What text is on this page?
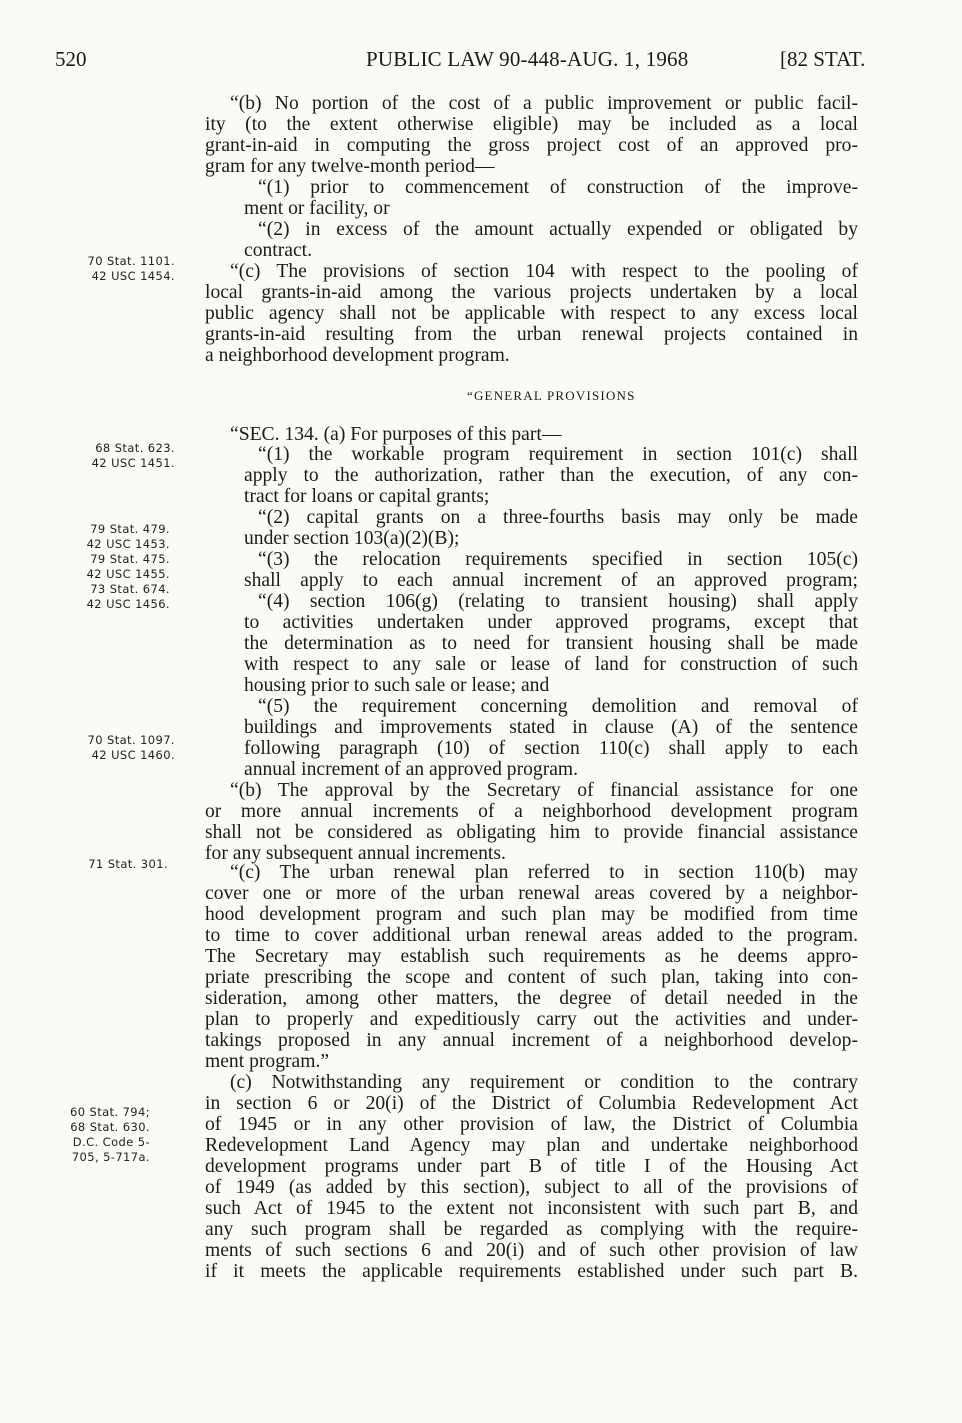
520	PUBLIC LAW 90-448-AUG. 1, 1968	[82 STAT.
70 Stat. 1101.
42 USC 1454.
68 Stat. 623.
42 USC 1451.
79 Stat. 479.
42 USC 1453.
79 Stat. 475.
42 USC 1455.
73 Stat. 674.
42 USC 1456.
70 Stat. 1097.
42 USC 1460.
71 Stat. 301.
60 Stat. 794;
68 Stat. 630.
D.C. Code 5-
705, 5-717a.
“(b) No portion of the cost of a public improvement or public facil-
ity (to the extent otherwise eligible) may be included as a local
grant-in-aid in computing the gross project cost of an approved pro-
gram for any twelve-month period—
“(1) prior to commencement of construction of the improve-
ment or facility, or
“(2) in excess of the amount actually expended or obligated by
contract.
“(c) The provisions of section 104 with respect to the pooling of
local grants-in-aid among the various projects undertaken by a local
public agency shall not be applicable with respect to any excess local
grants-in-aid resulting from the urban renewal projects contained in
a neighborhood development program.
“GENERAL PROVISIONS
“SEC. 134. (a) For purposes of this part—
“(1) the workable program requirement in section 101(c) shall
apply to the authorization, rather than the execution, of any con-
tract for loans or capital grants;
“(2) capital grants on a three-fourths basis may only be made
under section 103(a)(2)(B);
“(3) the relocation requirements specified in section 105(c)
shall apply to each annual increment of an approved program;
“(4) section 106(g) (relating to transient housing) shall apply
to activities undertaken under approved programs, except that
the determination as to need for transient housing shall be made
with respect to any sale or lease of land for construction of such
housing prior to such sale or lease; and
“(5) the requirement concerning demolition and removal of
buildings and improvements stated in clause (A) of the sentence
following paragraph (10) of section 110(c) shall apply to each
annual increment of an approved program.
“(b) The approval by the Secretary of financial assistance for one
or more annual increments of a neighborhood development program
shall not be considered as obligating him to provide financial assistance
for any subsequent annual increments.
“(c) The urban renewal plan referred to in section 110(b) may
cover one or more of the urban renewal areas covered by a neighbor-
hood development program and such plan may be modified from time
to time to cover additional urban renewal areas added to the program.
The Secretary may establish such requirements as he deems appro-
priate prescribing the scope and content of such plan, taking into con-
sideration, among other matters, the degree of detail needed in the
plan to properly and expeditiously carry out the activities and under-
takings proposed in any annual increment of a neighborhood develop-
ment program.”
(c) Notwithstanding any requirement or condition to the contrary
in section 6 or 20(i) of the District of Columbia Redevelopment Act
of 1945 or in any other provision of law, the District of Columbia
Redevelopment Land Agency may plan and undertake neighborhood
development programs under part B of title I of the Housing Act
of 1949 (as added by this section), subject to all of the provisions of
such Act of 1945 to the extent not inconsistent with such part B, and
any such program shall be regarded as complying with the require-
ments of such sections 6 and 20(i) and of such other provision of law
if it meets the applicable requirements established under such part B.
